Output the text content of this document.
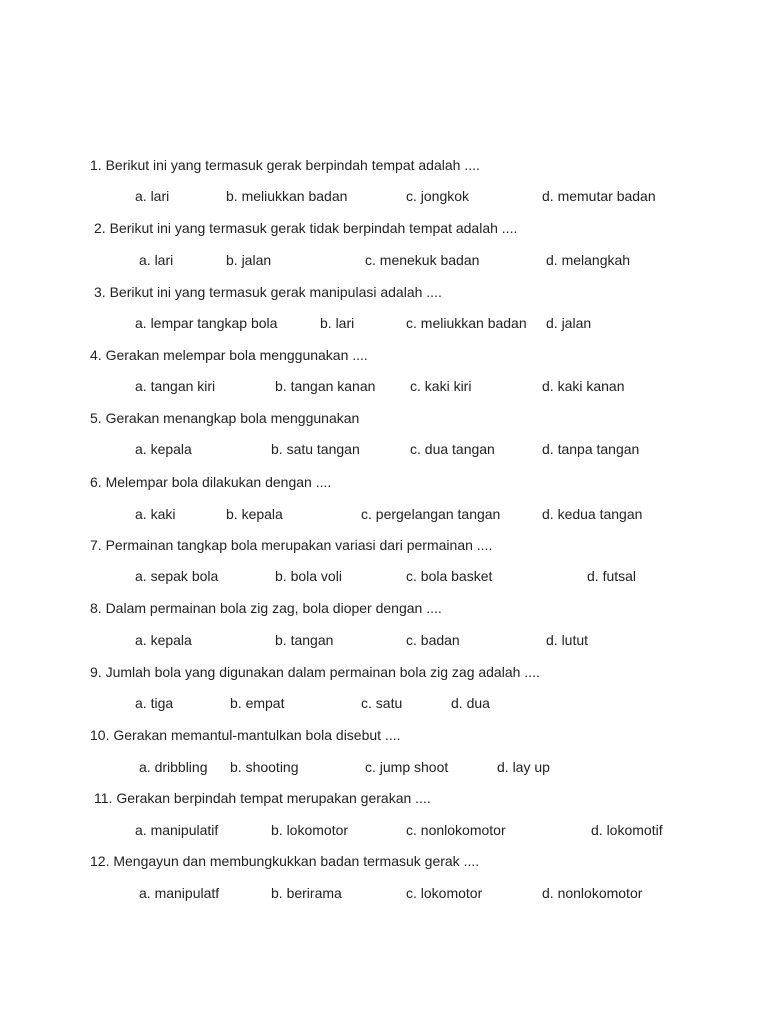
1. Berikut ini yang termasuk gerak berpindah tempat adalah ....
a. lari	b. meliukkan badan	c. jongkok	d. memutar badan
2. Berikut ini yang termasuk gerak tidak berpindah tempat adalah ....
a. lari	b. jalan	c. menekuk badan	d. melangkah
3. Berikut ini yang termasuk gerak manipulasi adalah ....
a. lempar tangkap bola	b. lari	c. meliukkan badan d. jalan
4. Gerakan melempar bola menggunakan ....
a. tangan kiri	b. tangan kanan c. kaki kiri	d. kaki kanan
5. Gerakan menangkap bola menggunakan
a. kepala	b. satu tangan	c. dua tangan	d. tanpa tangan
6. Melempar bola dilakukan dengan ....
a. kaki	b. kepala	c. pergelangan tangan	d. kedua tangan
7. Permainan tangkap bola merupakan variasi dari permainan ....
a. sepak bola	b. bola voli	c. bola basket	d. futsal
8. Dalam permainan bola zig zag, bola dioper dengan ....
a. kepala	b. tangan	c. badan	d. lutut
9. Jumlah bola yang digunakan dalam permainan bola zig zag adalah ....
a. tiga	b. empat	c. satu	d. dua
10. Gerakan memantul-mantulkan bola disebut ....
a. dribbling b. shooting	c. jump shoot	d. lay up
11. Gerakan berpindah tempat merupakan gerakan ....
a. manipulatif	b. lokomotor	c. nonlokomotor	d. lokomotif
12. Mengayun dan membungkukkan badan termasuk gerak ....
a. manipulatf	b. berirama	c. lokomotor	d. nonlokomotor
